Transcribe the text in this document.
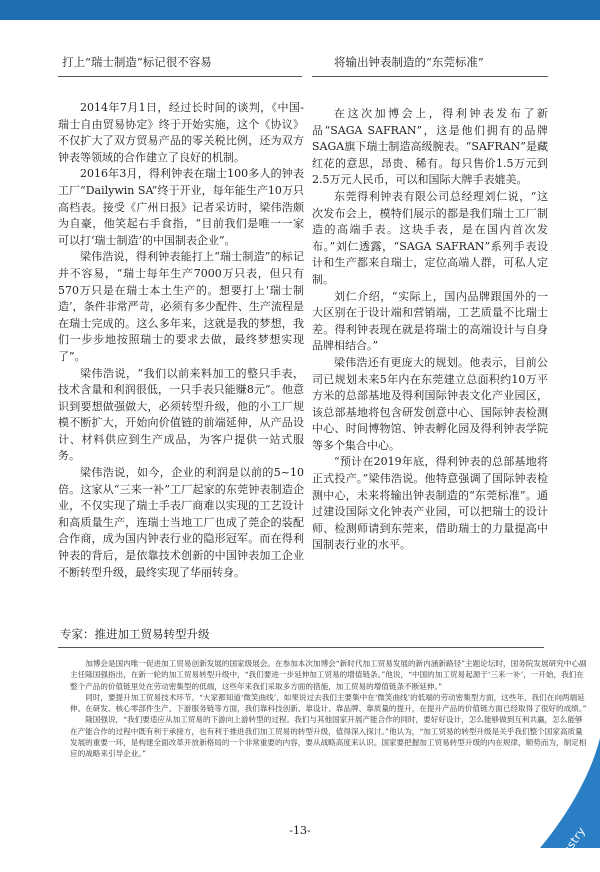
打上“瑞士制造”标记很不容易

2014年7月1日，经过长时间的谈判，《中国-瑞士自由贸易协定》终于开始实施，这个《协议》不仅扩大了双方贸易产品的零关税比例，还为双方钟表等领域的合作建立了良好的机制。

2016年3月，得利钟表在瑞士100多人的钟表工厂“Dailywin SA”终于开业，每年能生产10万只高档表。接受《广州日报》记者采访时，梁伟浩颇为自豪，他笑起右手食指，“目前我们是唯一一家可以打‘瑞士制造’的中国制表企业”。

梁伟浩说，得利钟表能打上“瑞士制造”的标记并不容易，“瑞士每年生产7000万只表，但只有570万只是在瑞士本土生产的。想要打上‘瑞士制造’，条件非常严苛，必须有多少配件、生产流程是在瑞士完成的。这么多年来，这就是我的梦想，我们一步步地按照瑞士的要求去做，最终梦想实现了”。

梁伟浩说，“我们以前来料加工的整只手表，技术含量和利润很低，一只手表只能赚8元”。他意识到要想做强做大，必须转型升级，他的小工厂规模不断扩大，开始向价值链的前端延伸，从产品设计、材料供应到生产成品，为客户提供一站式服务。

梁伟浩说，如今，企业的利润是以前的5~10倍。这家从“三来一补”工厂起家的东莞钟表制造企业，不仅实现了瑞士手表厂商难以实现的工艺设计和高质量生产，连瑞士当地工厂也成了莞企的装配合作商，成为国内钟表行业的隐形冠军。而在得利钟表的背后，是依靠技术创新的中国钟表加工企业不断转型升级，最终实现了华丽转身。

将输出钟表制造的“东莞标准”

在这次加博会上，得利钟表发布了新品“SAGA SAFRAN”，这是他们拥有的品牌SAGA旗下瑞士制造高级腕表。“SAFRAN”是藏红花的意思，昂贵、稀有。每只售价1.5万元到2.5万元人民币，可以和国际大牌手表媲美。

东莞得利钟表有限公司总经理刘仁说，“这次发布会上，模特们展示的都是我们瑞士工厂制造的高端手表。这块手表，是在国内首次发布。”刘仁透露，“SAGA SAFRAN”系列手表设计和生产都来自瑞士，定位高端人群，可私人定制。

刘仁介绍，“实际上，国内品牌跟国外的一大区别在于设计端和营销端，工艺质量不比瑞士差。得利钟表现在就是将瑞士的高端设计与自身品牌相结合。”

梁伟浩还有更庞大的规划。他表示，目前公司已规划未来5年内在东莞建立总面积约10万平方米的总部基地及得利国际钟表文化产业园区，该总部基地将包含研发创意中心、国际钟表检测中心、时间博物馆、钟表孵化园及得利钟表学院等多个集合中心。

“预计在2019年底，得利钟表的总部基地将正式投产。”梁伟浩说。他特意强调了国际钟表检测中心，未来将输出钟表制造的“东莞标准”。通过建设国际文化钟表产业园，可以把瑞士的设计师、检测师请到东莞来，借助瑞士的力量提高中国制表行业的水平。

专家：推进加工贸易转型升级

加博会是国内唯一促进加工贸易创新发展的国家级展会。在参加本次加博会“新时代加工贸易发展的新内涵新路径”主题论坛时，国务院发展研究中心副主任隆国强指出，在新一轮的加工贸易转型升级中，“我们要进一步延伸加工贸易的增值链条。”他说，“中国的加工贸易起源于‘三来一补’，一开始，我们在整个产品的价值链里处在劳动密集型的低端，这些年来我们采取多方面的措施，加工贸易的增值链条不断延伸。”

同时，要提升加工贸易技术环节。“大家都知道‘微笑曲线’，如果说过去我们主要集中在‘微笑曲线’的低端的劳动密集型方面，这些年，我们在向两端延伸。在研发、核心零部件生产、下游服务链等方面，我们靠科技创新、靠设计、靠品牌、靠质量的提升，在提升产品的价值链方面已经取得了很好的成绩。”

隆国强说，“我们要适应从加工贸易的下游向上游转型的过程。我们与其他国家开展产能合作的同时，要好好设计，怎么能够做到互利共赢，怎么能够在产能合作的过程中既有利于承接方，也有利于推进我们加工贸易的转型升级，值得深入探讨。”他认为，“加工贸易的转型升级是关乎我们整个国家高质量发展的重要一环，是构建全面改革开放新格局的一个非常重要的内容，要从战略高度来认识。国家要把握加工贸易转型升级的内在规律，顺势而为，制定相应的战略来引导企业。”

-13-	Industry
